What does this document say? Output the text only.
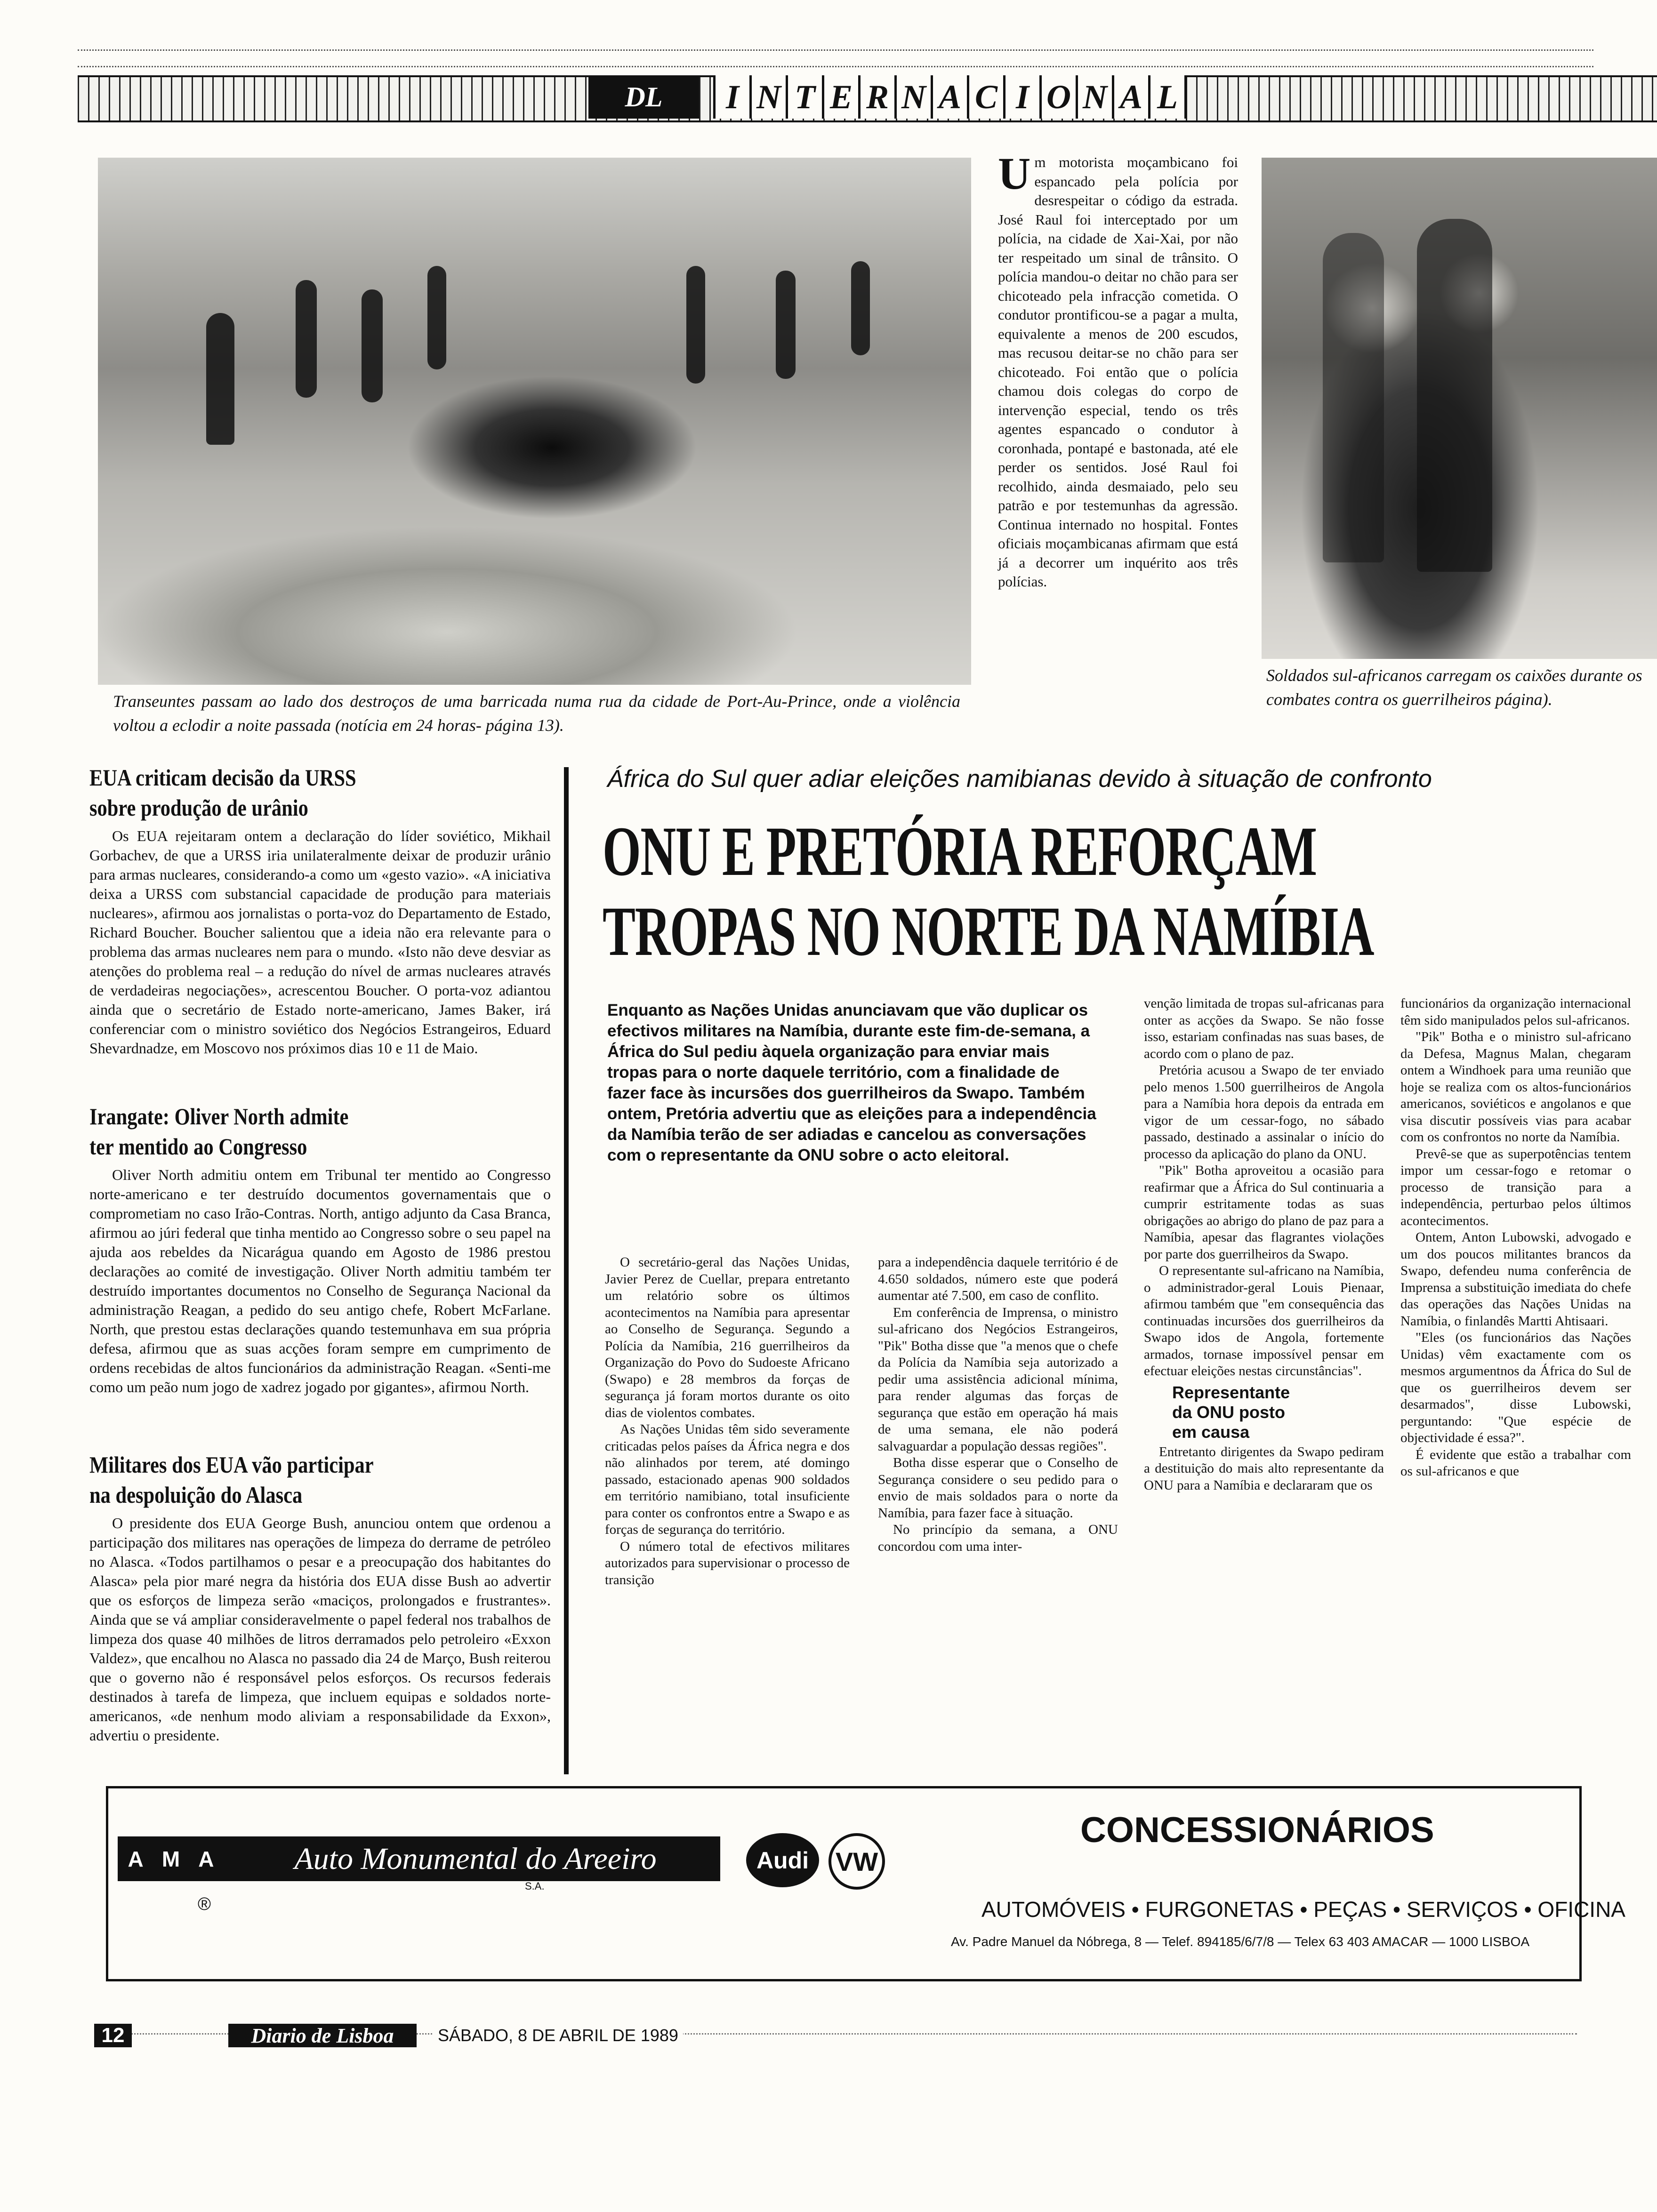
DL	I N T E R N A C I O N A L
Transeuntes passam ao lado dos destroços de uma barricada numa rua da cidade de Port-Au-Prince, onde a violência voltou a eclodir a noite passada (notícia em 24 horas- página 13).
U m motorista moçambicano foi espancado pela polícia por desrespeitar o código da estrada. José Raul foi interceptado por um polícia, na cidade de Xai-Xai, por não ter respeitado um sinal de trânsito. O polícia mandou-o deitar no chão para ser chicoteado pela infracção cometida. O condutor prontificou-se a pagar a multa, equivalente a menos de 200 escudos, mas recusou deitar-se no chão para ser chicoteado. Foi então que o polícia chamou dois colegas do corpo de intervenção especial, tendo os três agentes espancado o condutor à coronhada, pontapé e bastonada, até ele perder os sentidos. José Raul foi recolhido, ainda desmaiado, pelo seu patrão e por testemunhas da agressão. Continua internado no hospital. Fontes oficiais moçambicanas afirmam que está já a decorrer um inquérito aos três polícias.
Soldados sul-africanos carregam os caixões durante os combates contra os guerrilheiros página).
EUA criticam decisão da URSS
sobre produção de urânio
Os EUA rejeitaram ontem a declaração do líder soviético, Mikhail Gorbachev, de que a URSS iria unilateralmente deixar de produzir urânio para armas nucleares, considerando-a como um «gesto vazio». «A iniciativa deixa a URSS com substancial capacidade de produção para materiais nucleares», afirmou aos jornalistas o porta-voz do Departamento de Estado, Richard Boucher. Boucher salientou que a ideia não era relevante para o problema das armas nucleares nem para o mundo. «Isto não deve desviar as atenções do problema real – a redução do nível de armas nucleares através de verdadeiras negociações», acrescentou Boucher. O porta-voz adiantou ainda que o secretário de Estado norte-americano, James Baker, irá conferenciar com o ministro soviético dos Negócios Estrangeiros, Eduard Shevardnadze, em Moscovo nos próximos dias 10 e 11 de Maio.
Irangate: Oliver North admite
ter mentido ao Congresso
Oliver North admitiu ontem em Tribunal ter mentido ao Congresso norte-americano e ter destruído documentos governamentais que o comprometiam no caso Irão-Contras. North, antigo adjunto da Casa Branca, afirmou ao júri federal que tinha mentido ao Congresso sobre o seu papel na ajuda aos rebeldes da Nicarágua quando em Agosto de 1986 prestou declarações ao comité de investigação. Oliver North admitiu também ter destruído importantes documentos no Conselho de Segurança Nacional da administração Reagan, a pedido do seu antigo chefe, Robert McFarlane. North, que prestou estas declarações quando testemunhava em sua própria defesa, afirmou que as suas acções foram sempre em cumprimento de ordens recebidas de altos funcionários da administração Reagan. «Senti-me como um peão num jogo de xadrez jogado por gigantes», afirmou North.
Militares dos EUA vão participar
na despoluição do Alasca
O presidente dos EUA George Bush, anunciou ontem que ordenou a participação dos militares nas operações de limpeza do derrame de petróleo no Alasca. «Todos partilhamos o pesar e a preocupação dos habitantes do Alasca» pela pior maré negra da história dos EUA disse Bush ao advertir que os esforços de limpeza serão «maciços, prolongados e frustrantes». Ainda que se vá ampliar consideravelmente o papel federal nos trabalhos de limpeza dos quase 40 milhões de litros derramados pelo petroleiro «Exxon Valdez», que encalhou no Alasca no passado dia 24 de Março, Bush reiterou que o governo não é responsável pelos esforços. Os recursos federais destinados à tarefa de limpeza, que incluem equipas e soldados norte-americanos, «de nenhum modo aliviam a responsabilidade da Exxon», advertiu o presidente.
África do Sul quer adiar eleições namibianas devido à situação de confronto
ONU E PRETÓRIA REFORÇAM
TROPAS NO NORTE DA NAMÍBIA
Enquanto as Nações Unidas anunciavam que vão duplicar os efectivos militares na Namíbia, durante este fim-de-semana, a África do Sul pediu àquela organização para enviar mais tropas para o norte daquele território, com a finalidade de fazer face às incursões dos guerrilheiros da Swapo. Também ontem, Pretória advertiu que as eleições para a independência da Namíbia terão de ser adiadas e cancelou as conversações com o representante da ONU sobre o acto eleitoral.

O secretário-geral das Nações Unidas, Javier Perez de Cuellar, prepara entretanto um relatório sobre os últimos acontecimentos na Namíbia para apresentar ao Conselho de Segurança. Segundo a Polícia da Namíbia, 216 guerrilheiros da Organização do Povo do Sudoeste Africano (Swapo) e 28 membros da forças de segurança já foram mortos durante os oito dias de violentos combates.

As Nações Unidas têm sido severamente criticadas pelos países da África negra e dos não alinhados por terem, até domingo passado, estacionado apenas 900 soldados em território namibiano, total insuficiente para conter os confrontos entre a Swapo e as forças de segurança do território.

O número total de efectivos militares autorizados para supervisionar o processo de transição

para a independência daquele território é de 4.650 soldados, número este que poderá aumentar até 7.500, em caso de conflito.

Em conferência de Imprensa, o ministro sul-africano dos Negócios Estrangeiros, "Pik" Botha disse que "a menos que o chefe da Polícia da Namíbia seja autorizado a pedir uma assistência adicional mínima, para render algumas das forças de segurança que estão em operação há mais de uma semana, ele não poderá salvaguardar a população dessas regiões".

Botha disse esperar que o Conselho de Segurança considere o seu pedido para o envio de mais soldados para o norte da Namíbia, para fazer face à situação.

No princípio da semana, a ONU concordou com uma inter-

venção limitada de tropas sul-africanas para onter as acções da Swapo. Se não fosse isso, estariam confinadas nas suas bases, de acordo com o plano de paz.

Pretória acusou a Swapo de ter enviado pelo menos 1.500 guerrilheiros de Angola para a Namíbia hora depois da entrada em vigor de um cessar-fogo, no sábado passado, destinado a assinalar o início do processo da aplicação do plano da ONU.

"Pik" Botha aproveitou a ocasião para reafirmar que a África do Sul continuaria a cumprir estritamente todas as suas obrigações ao abrigo do plano de paz para a Namíbia, apesar das flagrantes violações por parte dos guerrilheiros da Swapo.

O representante sul-africano na Namíbia, o administrador-geral Louis Pienaar, afirmou também que "em consequência das continuadas incursões dos guerrilheiros da Swapo idos de Angola, fortemente armados, tornase impossível pensar em efectuar eleições nestas circunstâncias".

Representante
da ONU posto
em causa

Entretanto dirigentes da Swapo pediram a destituição do mais alto representante da ONU para a Namíbia e declararam que os

funcionários da organização internacional têm sido manipulados pelos sul-africanos.

"Pik" Botha e o ministro sul-africano da Defesa, Magnus Malan, chegaram ontem a Windhoek para uma reunião que hoje se realiza com os altos-funcionários americanos, soviéticos e angolanos e que visa discutir possíveis vias para acabar com os confrontos no norte da Namíbia.

Prevê-se que as superpotências tentem impor um cessar-fogo e retomar o processo de transição para a independência, perturbao pelos últimos acontecimentos.

Ontem, Anton Lubowski, advogado e um dos poucos militantes brancos da Swapo, defendeu numa conferência de Imprensa a substituição imediata do chefe das operações das Nações Unidas na Namíbia, o finlandês Martti Ahtisaari.

"Eles (os funcionários das Nações Unidas) vêm exactamente com os mesmos argumentnos da África do Sul de que os guerrilheiros devem ser desarmados", disse Lubowski, perguntando: "Que espécie de objectividade é essa?".

É evidente que estão a trabalhar com os sul-africanos e que

A M A	Auto Monumental do Areeiro
S.A.
®
Audi	VW
CONCESSIONÁRIOS
AUTOMÓVEIS • FURGONETAS • PEÇAS • SERVIÇOS • OFICINA
Av. Padre Manuel da Nóbrega, 8 — Telef. 894185/6/7/8 — Telex 63 403 AMACAR — 1000 LISBOA
12	Diario de Lisboa	SÁBADO, 8 DE ABRIL DE 1989
